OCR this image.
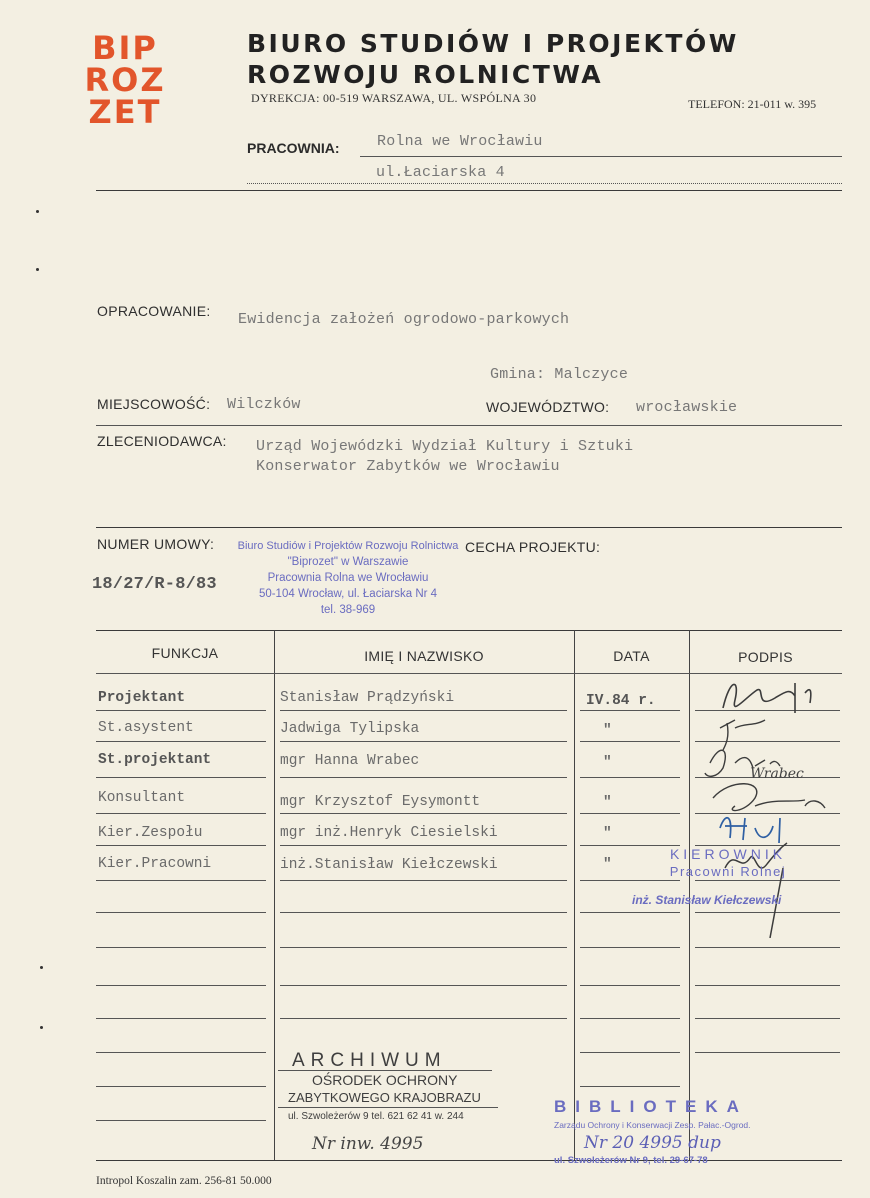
BIP
ROZ
ZET
BIURO STUDIÓW I PROJEKTÓW
ROZWOJU ROLNICTWA
DYREKCJA: 00-519 WARSZAWA, UL. WSPÓLNA 30	TELEFON: 21-011 w. 395
PRACOWNIA: Rolna we Wrocławiu
ul.Łaciarska 4
OPRACOWANIE: Ewidencja założeń ogrodowo-parkowych
Gmina: Malczyce
MIEJSCOWOŚĆ: Wilczków	WOJEWÓDZTWO: wrocławskie
ZLECENIODAWCA: Urząd Wojewódzki Wydział Kultury i Sztuki
Konserwator Zabytków we Wrocławiu
NUMER UMOWY:	CECHA PROJEKTU:
18/27/R-8/83
Biuro Studiów i Projektów Rozwoju Rolnictwa
"Biprozet" w Warszawie
Pracownia Rolna we Wrocławiu
50-104 Wrocław, ul. Łaciarska Nr 4
tel. 38-969
FUNKCJA	IMIĘ I NAZWISKO	DATA	PODPIS
Projektant	Stanisław Prądzyński	IV.84 r.
St.asystent	Jadwiga Tylipska	"
St.projektant	mgr Hanna Wrabec	"
Konsultant	mgr Krzysztof Eysymontt	"
Kier.Zespołu	mgr inż.Henryk Ciesielski	"
Kier.Pracowni	inż.Stanisław Kiełczewski	"
Wrabec
KIEROWNIK
Pracowni Rolnej
inż. Stanisław Kiełczewski
ARCHIWUM
OŚRODEK OCHRONY
ZABYTKOWEGO KRAJOBRAZU
ul. Szwoleżerów 9 tel. 621 62 41 w. 244
Nr inw. 4995
BIBLIOTEKA
Zarządu Ochrony i Konserwacji Zesp. Pałac.-Ogrod.
Nr 20 4995 dup
ul. Szwoleżerów Nr 9, tel. 29-67-78
Intropol Koszalin zam. 256-81 50.000
